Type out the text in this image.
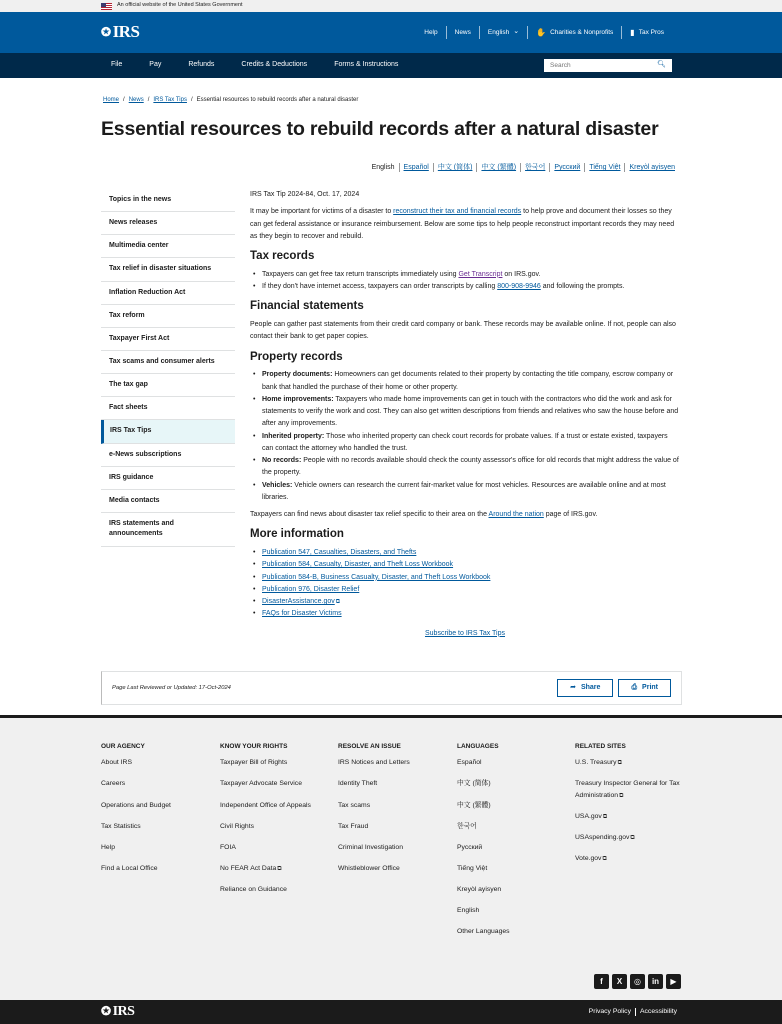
An official website of the United States Government
✪ IRS	Help	News	English ⌄ ✋ Charities & Nonprofits ▮ Tax Pros
File	Pay	Refunds	Credits & Deductions	Forms & Instructions
Search	🔍︎
Home / News / IRS Tax Tips / Essential resources to rebuild records after a natural disaster
Essential resources to rebuild records after a natural disaster
English	Español	中文 (简体)	中文 (繁體)	한국어	Русский	Tiếng Việt	Kreyòl ayisyen
Topics in the news
News releases
Multimedia center
Tax relief in disaster situations
Inflation Reduction Act
Tax reform
Taxpayer First Act
Tax scams and consumer alerts
The tax gap
Fact sheets
IRS Tax Tips
e-News subscriptions
IRS guidance
Media contacts
IRS statements and announcements

IRS Tax Tip 2024-84, Oct. 17, 2024

It may be important for victims of a disaster to reconstruct their tax and financial records to help prove and document their losses so they can get federal assistance or insurance reimbursement. Below are some tips to help people reconstruct important records they may need as they begin to recover and rebuild.

Tax records
• Taxpayers can get free tax return transcripts immediately using Get Transcript on IRS.gov.
• If they don't have internet access, taxpayers can order transcripts by calling 800-908-9946 and following the prompts.
Financial statements

People can gather past statements from their credit card company or bank. These records may be available online. If not, people can also contact their bank to get paper copies.

Property records
• Property documents: Homeowners can get documents related to their property by contacting the title company, escrow company or bank that handled the purchase of their home or other property.
• Home improvements: Taxpayers who made home improvements can get in touch with the contractors who did the work and ask for statements to verify the work and cost. They can also get written descriptions from friends and relatives who saw the house before and after any improvements.
• Inherited property: Those who inherited property can check court records for probate values. If a trust or estate existed, taxpayers can contact the attorney who handled the trust.
• No records: People with no records available should check the county assessor's office for old records that might address the value of the property.
• Vehicles: Vehicle owners can research the current fair-market value for most vehicles. Resources are available online and at most libraries.

Taxpayers can find news about disaster tax relief specific to their area on the Around the nation page of IRS.gov.

More information
• Publication 547, Casualties, Disasters, and Thefts
• Publication 584, Casualty, Disaster, and Theft Loss Workbook
• Publication 584-B, Business Casualty, Disaster, and Theft Loss Workbook
• Publication 976, Disaster Relief
• DisasterAssistance.gov⧉
• FAQs for Disaster Victims
Subscribe to IRS Tax Tips
Page Last Reviewed or Updated: 17-Oct-2024	➦ Share	⎙ Print
OUR AGENCY
About IRS
Careers
Operations and Budget
Tax Statistics
Help
Find a Local Office
KNOW YOUR RIGHTS
Taxpayer Bill of Rights
Taxpayer Advocate Service
Independent Office of Appeals
Civil Rights
FOIA
No FEAR Act Data⧉
Reliance on Guidance
RESOLVE AN ISSUE
IRS Notices and Letters
Identity Theft
Tax scams
Tax Fraud
Criminal Investigation
Whistleblower Office
LANGUAGES
Español
中文 (简体)
中文 (繁體)
한국어
Русский
Tiếng Việt
Kreyòl ayisyen
English
Other Languages
RELATED SITES
U.S. Treasury⧉
Treasury Inspector General for Tax Administration⧉
USA.gov⧉
USAspending.gov⧉
Vote.gov⧉
f	X	◎	in	▶
✪ IRS	Privacy Policy	Accessibility
